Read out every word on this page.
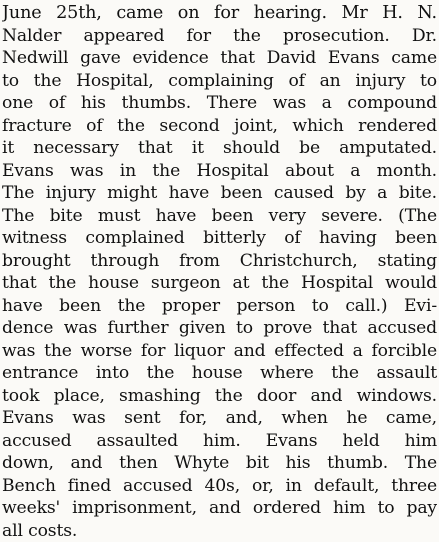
June 25th, came on for hearing. Mr H. N.
Nalder appeared for the prosecution. Dr.
Nedwill gave evidence that David Evans came
to the Hospital, complaining of an injury to
one of his thumbs. There was a compound
fracture of the second joint, which rendered
it necessary that it should be amputated.
Evans was in the Hospital about a month.
The injury might have been caused by a bite.
The bite must have been very severe. (The
witness complained bitterly of having been
brought through from Christchurch, stating
that the house surgeon at the Hospital would
have been the proper person to call.) Evi-
dence was further given to prove that accused
was the worse for liquor and effected a forcible
entrance into the house where the assault
took place, smashing the door and windows.
Evans was sent for, and, when he came,
accused assaulted him. Evans held him
down, and then Whyte bit his thumb. The
Bench fined accused 40s, or, in default, three
weeks' imprisonment, and ordered him to pay
all costs.
